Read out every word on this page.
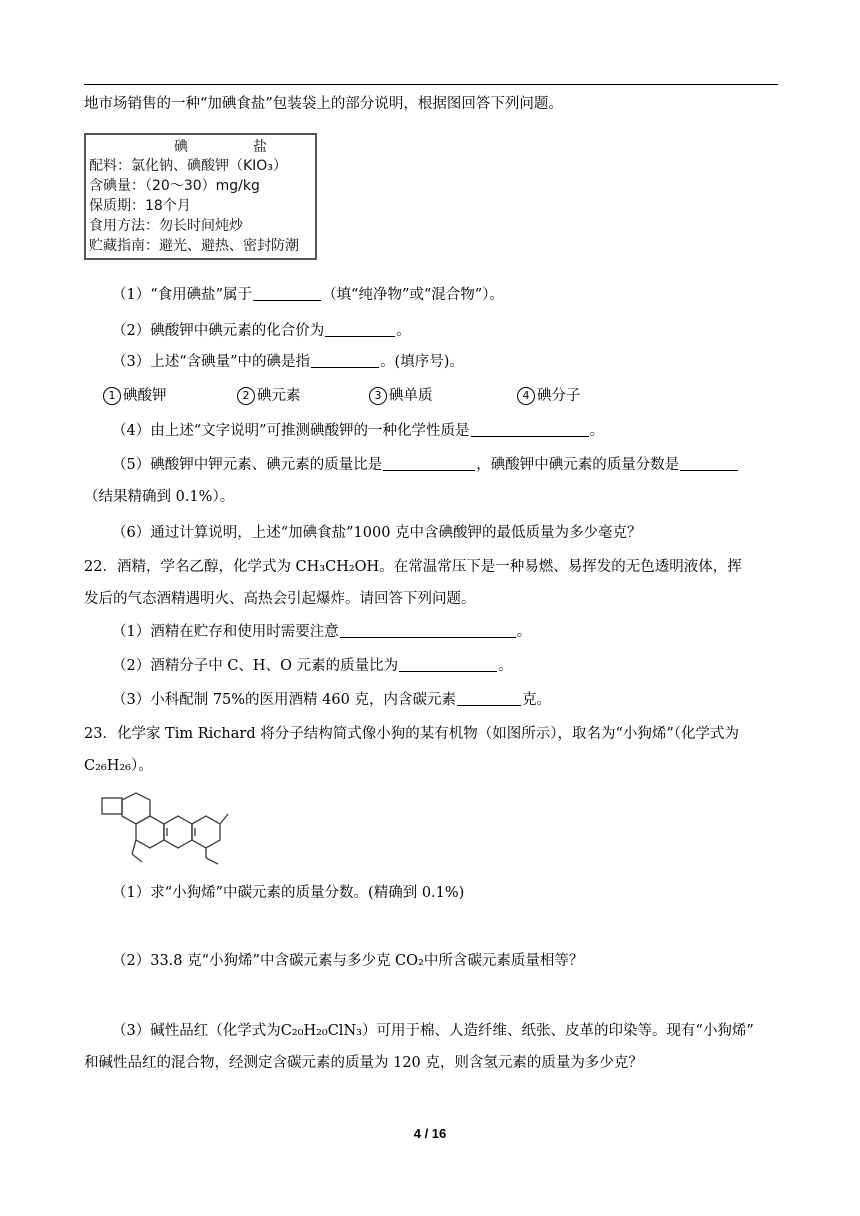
地市场销售的一种“加碘食盐”包装袋上的部分说明，根据图回答下列问题。
碘	盐
配料：氯化钠、碘酸钾（KIO₃）
含碘量：（20～30）mg/kg
保质期：18个月
食用方法：勿长时间炖炒
贮藏指南：避光、避热、密封防潮
（1）“食用碘盐”属于	（填“纯净物”或“混合物”）。
（2）碘酸钾中碘元素的化合价为	。
（3）上述“含碘量”中的碘是指	。(填序号)。
1 碘酸钾	2 碘元素	3 碘单质	4 碘分子
（4）由上述“文字说明”可推测碘酸钾的一种化学性质是	。
（5）碘酸钾中钾元素、碘元素的质量比是	，碘酸钾中碘元素的质量分数是
（结果精确到 0.1%）。
（6）通过计算说明，上述“加碘食盐”1000 克中含碘酸钾的最低质量为多少毫克？
22．酒精，学名乙醇，化学式为 CH₃CH₂OH。在常温常压下是一种易燃、易挥发的无色透明液体，挥
发后的气态酒精遇明火、高热会引起爆炸。请回答下列问题。
（1）酒精在贮存和使用时需要注意	。
（2）酒精分子中 C、H、O 元素的质量比为	。
（3）小科配制 75%的医用酒精 460 克，内含碳元素	克。
23．化学家 Tim Richard 将分子结构简式像小狗的某有机物（如图所示），取名为“小狗烯”（化学式为
C₂₆H₂₆）。
（1）求“小狗烯”中碳元素的质量分数。(精确到 0.1%)
（2）33.8 克“小狗烯”中含碳元素与多少克 CO₂中所含碳元素质量相等？
（3）碱性品红（化学式为C₂₀H₂₀ClN₃）可用于棉、人造纤维、纸张、皮革的印染等。现有“小狗烯”
和碱性品红的混合物，经测定含碳元素的质量为 120 克，则含氢元素的质量为多少克？
4 / 16
